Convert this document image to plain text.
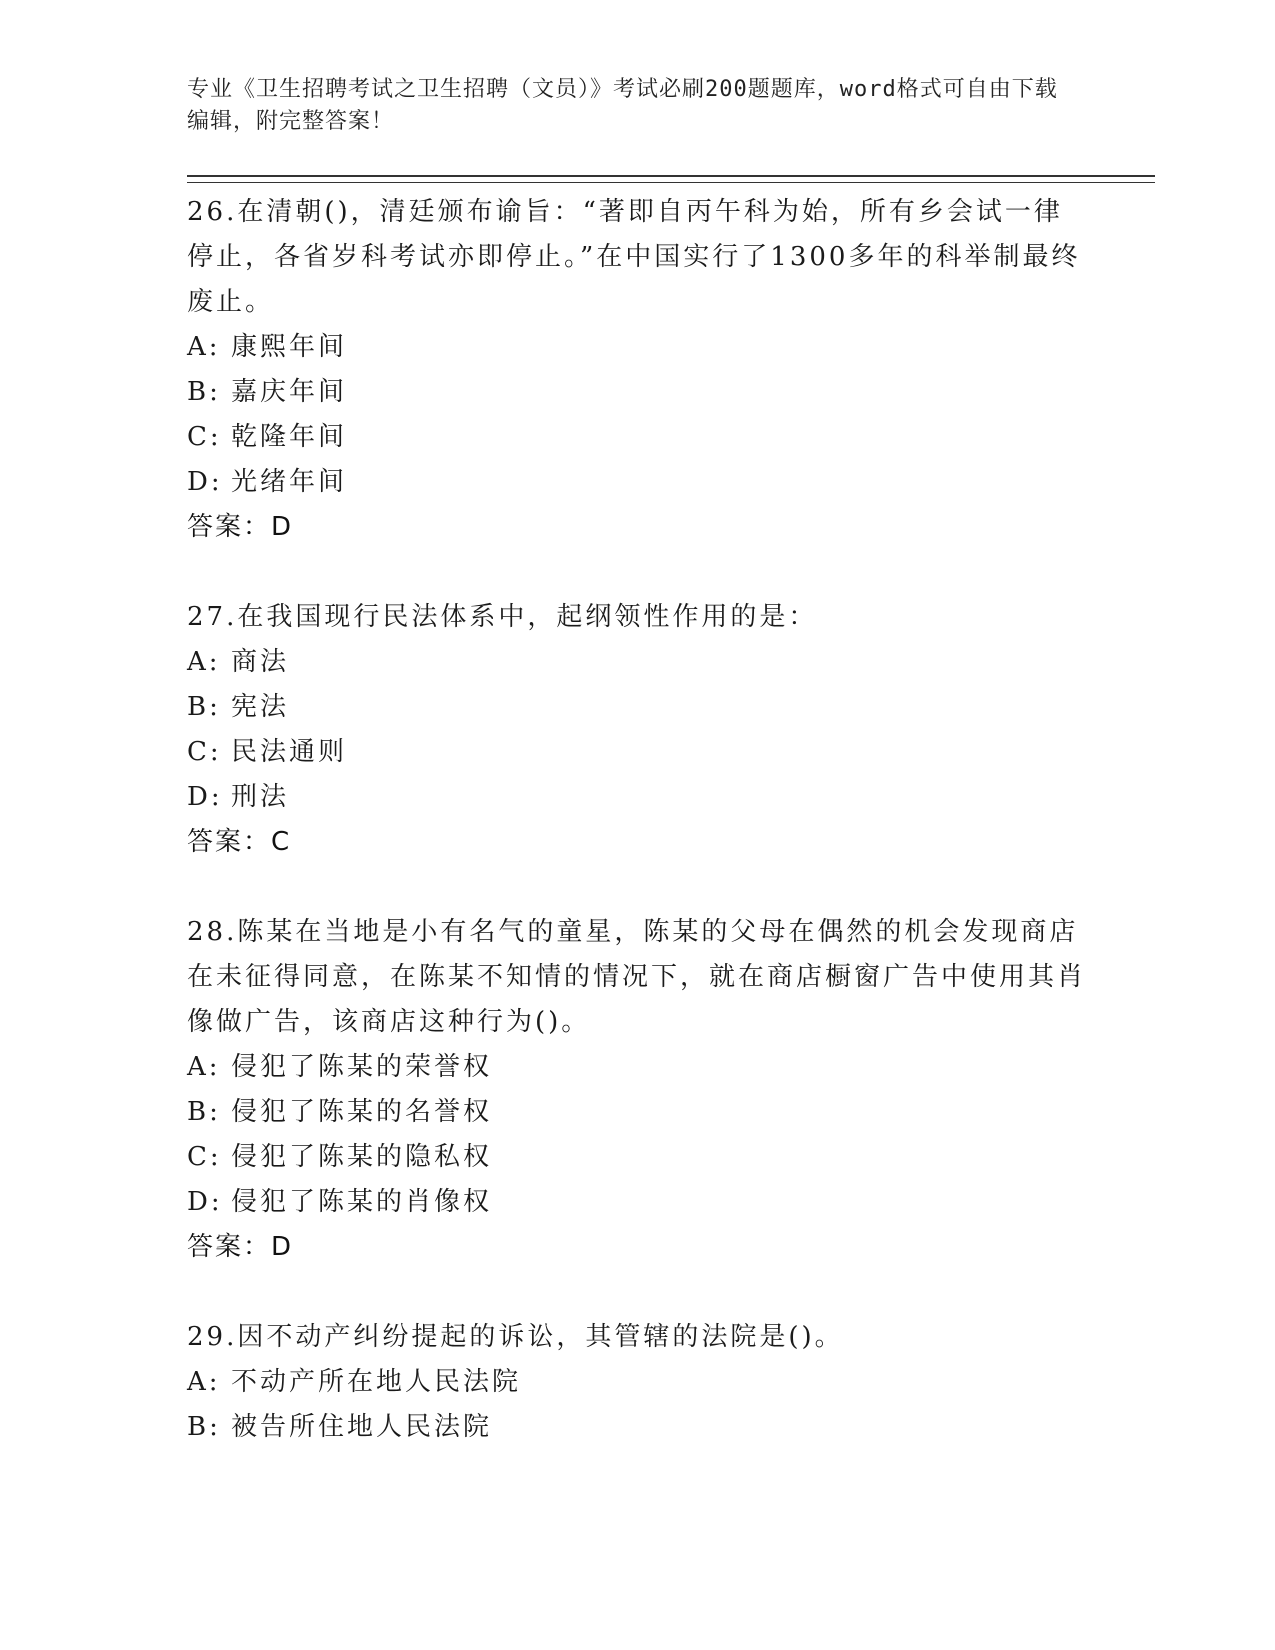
专业《卫生招聘考试之卫生招聘（文员）》考试必刷200题题库，word格式可自由下载编辑，附完整答案！

26.在清朝()，清廷颁布谕旨：“著即自丙午科为始，所有乡会试一律停止，各省岁科考试亦即停止。”在中国实行了1300多年的科举制最终废止。

A: 康熙年间
B: 嘉庆年间
C: 乾隆年间
D: 光绪年间
答案：D

27.在我国现行民法体系中，起纲领性作用的是：

A: 商法
B: 宪法
C: 民法通则
D: 刑法
答案：C

28.陈某在当地是小有名气的童星，陈某的父母在偶然的机会发现商店在未征得同意，在陈某不知情的情况下，就在商店橱窗广告中使用其肖像做广告，该商店这种行为()。

A: 侵犯了陈某的荣誉权
B: 侵犯了陈某的名誉权
C: 侵犯了陈某的隐私权
D: 侵犯了陈某的肖像权
答案：D

29.因不动产纠纷提起的诉讼，其管辖的法院是()。

A: 不动产所在地人民法院
B: 被告所住地人民法院
